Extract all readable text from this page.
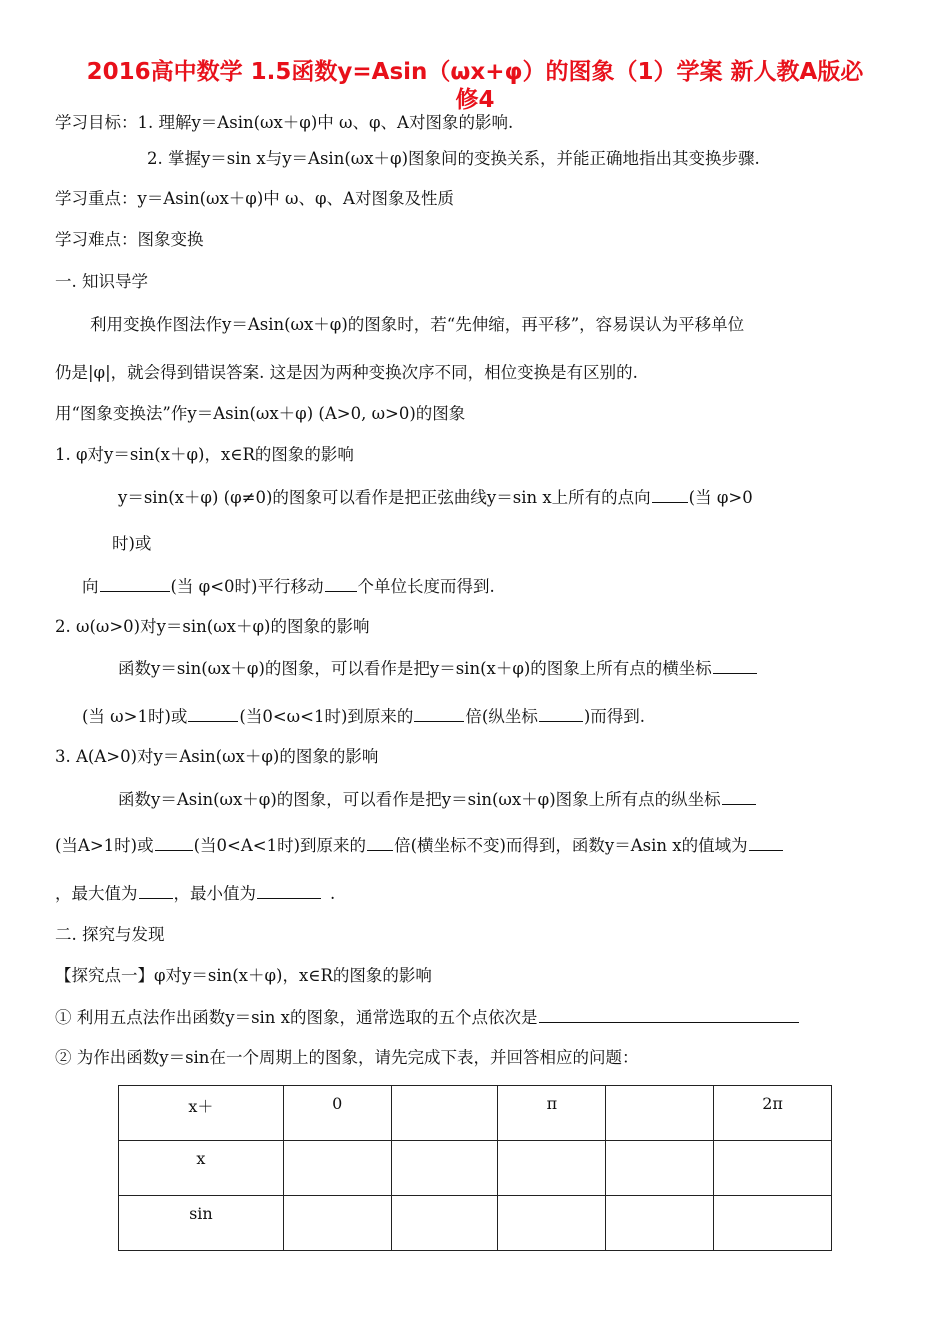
2016高中数学 1.5函数y=Asin（ωx+φ）的图象（1）学案 新人教A版必
修4
学习目标：1. 理解y＝Asin(ωx＋φ)中 ω、φ、A对图象的影响.
2. 掌握y＝sin x与y＝Asin(ωx＋φ)图象间的变换关系，并能正确地指出其变换步骤.
学习重点：y＝Asin(ωx＋φ)中 ω、φ、A对图象及性质
学习难点：图象变换
一. 知识导学
利用变换作图法作y＝Asin(ωx＋φ)的图象时，若“先伸缩，再平移”，容易误认为平移单位
仍是|φ|，就会得到错误答案. 这是因为两种变换次序不同，相位变换是有区别的.
用“图象变换法”作y＝Asin(ωx＋φ) (A>0, ω>0)的图象
1. φ对y＝sin(x＋φ)，x∈R的图象的影响
y＝sin(x＋φ) (φ≠0)的图象可以看作是把正弦曲线y＝sin x上所有的点向 (当 φ>0
时)或
向	(当 φ<0时)平行移动 个单位长度而得到.
2. ω(ω>0)对y＝sin(ωx＋φ)的图象的影响
函数y＝sin(ωx＋φ)的图象，可以看作是把y＝sin(x＋φ)的图象上所有点的横坐标
(当 ω>1时)或	(当0<ω<1时)到原来的	倍(纵坐标	)而得到.
3. A(A>0)对y＝Asin(ωx＋φ)的图象的影响
函数y＝Asin(ωx＋φ)的图象，可以看作是把y＝sin(ωx＋φ)图象上所有点的纵坐标
(当A>1时)或 (当0<A<1时)到原来的 倍(横坐标不变)而得到，函数y＝Asin x的值域为
，最大值为 ，最小值为	.
二. 探究与发现
【探究点一】φ对y＝sin(x＋φ)，x∈R的图象的影响
① 利用五点法作出函数y＝sin x的图象，通常选取的五个点依次是
② 为作出函数y＝sin在一个周期上的图象，请先完成下表，并回答相应的问题：
x＋	0		π		2π
x					
sin					
